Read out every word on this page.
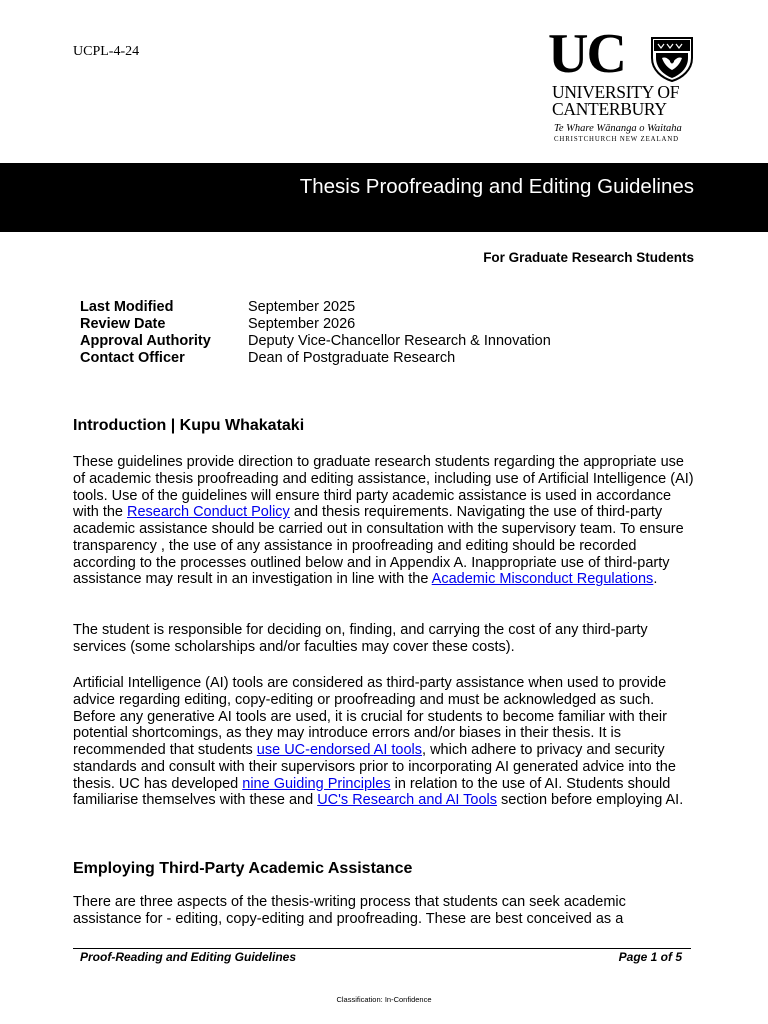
UCPL-4-24	UC
UNIVERSITY OF
CANTERBURY
Te Whare Wānanga o Waitaha
CHRISTCHURCH NEW ZEALAND
Thesis Proofreading and Editing Guidelines
For Graduate Research Students
Last Modified	September 2025
Review Date	September 2026
Approval Authority	Deputy Vice-Chancellor Research & Innovation
Contact Officer	Dean of Postgraduate Research
Introduction | Kupu Whakataki
These guidelines provide direction to graduate research students regarding the appropriate use of academic thesis proofreading and editing assistance, including use of Artificial Intelligence (AI) tools. Use of the guidelines will ensure third party academic assistance is used in accordance with the Research Conduct Policy and thesis requirements. Navigating the use of third-party academic assistance should be carried out in consultation with the supervisory team. To ensure transparency , the use of any assistance in proofreading and editing should be recorded according to the processes outlined below and in Appendix A. Inappropriate use of third-party assistance may result in an investigation in line with the Academic Misconduct Regulations.
The student is responsible for deciding on, finding, and carrying the cost of any third-party services (some scholarships and/or faculties may cover these costs).
Artificial Intelligence (AI) tools are considered as third-party assistance when used to provide advice regarding editing, copy-editing or proofreading and must be acknowledged as such. Before any generative AI tools are used, it is crucial for students to become familiar with their potential shortcomings, as they may introduce errors and/or biases in their thesis. It is recommended that students use UC-endorsed AI tools, which adhere to privacy and security standards and consult with their supervisors prior to incorporating AI generated advice into the thesis. UC has developed nine Guiding Principles in relation to the use of AI. Students should familiarise themselves with these and UC's Research and AI Tools section before employing AI.
Employing Third-Party Academic Assistance
There are three aspects of the thesis-writing process that students can seek academic assistance for - editing, copy-editing and proofreading. These are best conceived as a
Proof-Reading and Editing Guidelines	Page 1 of 5
Classification: In-Confidence
